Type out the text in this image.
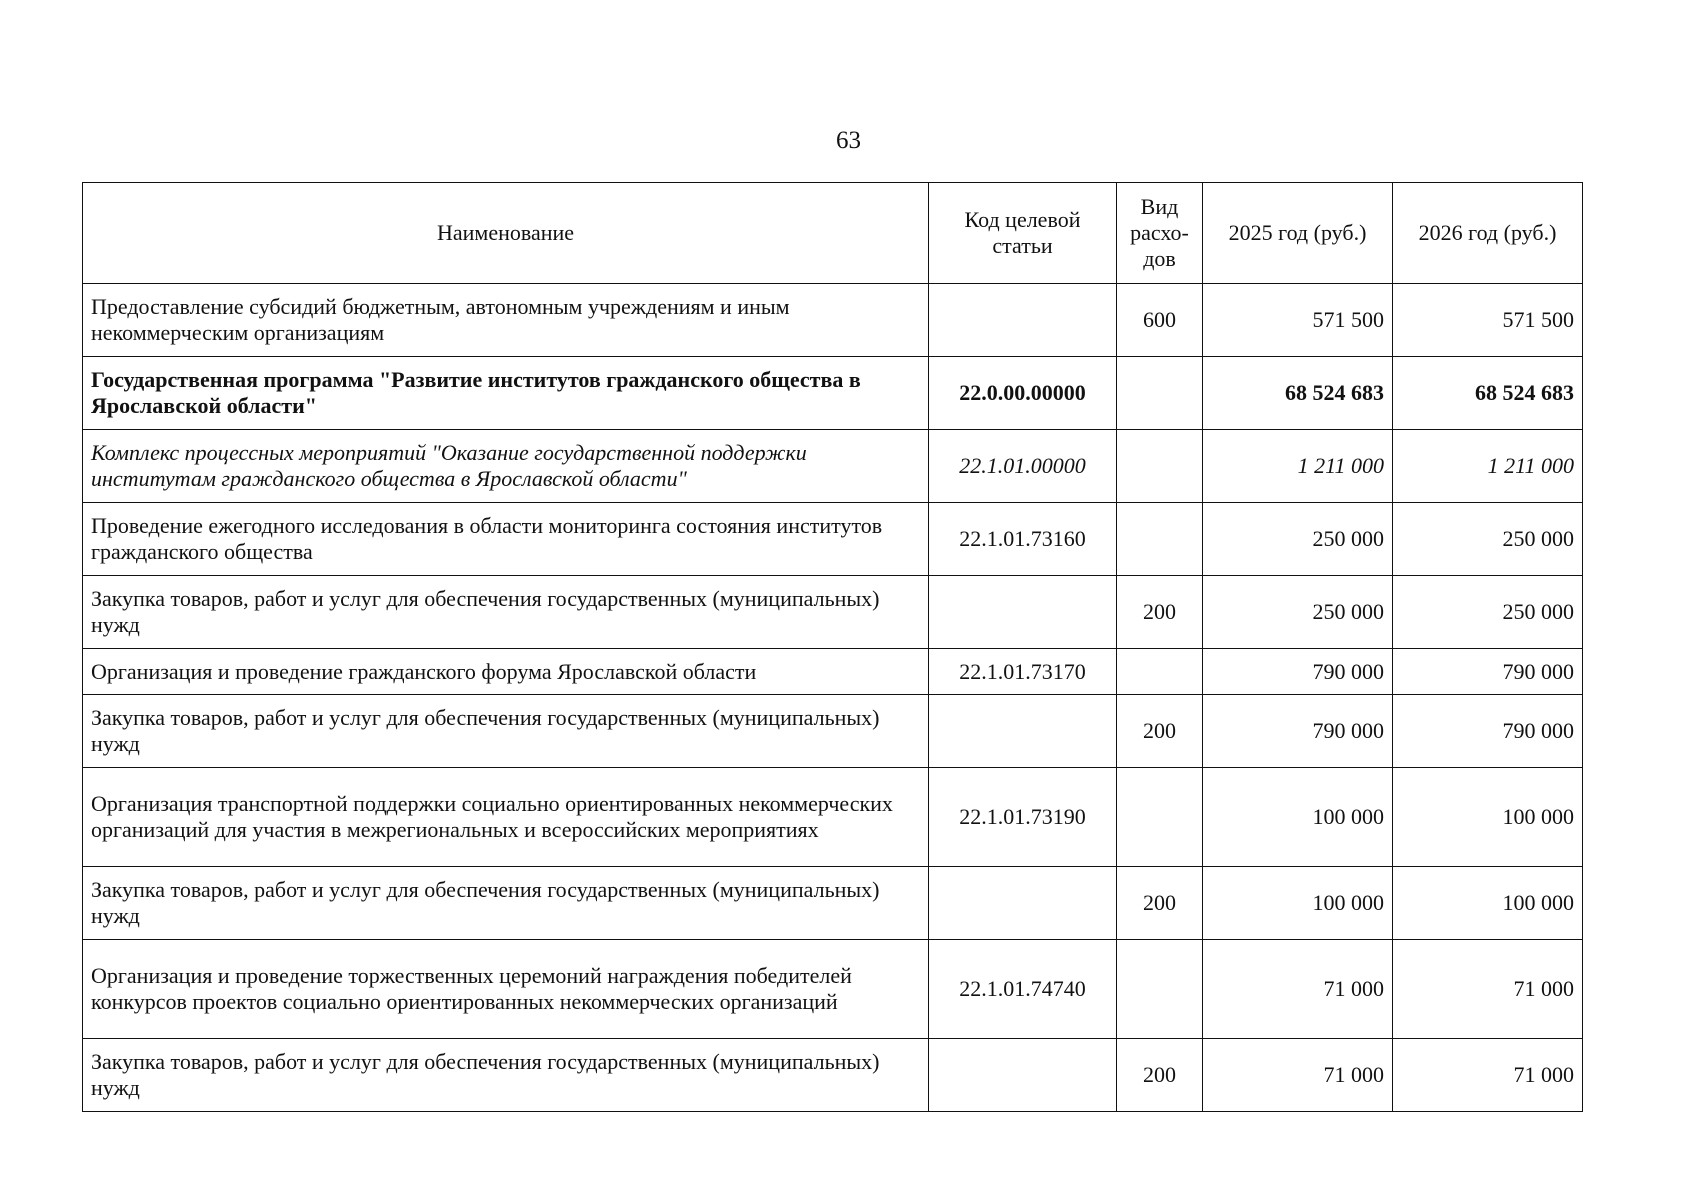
63
Наименование	Код целевой статьи	Вид расхо-дов	2025 год (руб.)	2026 год (руб.)
Предоставление субсидий бюджетным, автономным учреждениям и иным некоммерческим организациям		600	571 500	571 500
Государственная программа "Развитие институтов гражданского общества в Ярославской области"	22.0.00.00000		68 524 683	68 524 683
Комплекс процессных мероприятий "Оказание государственной поддержки институтам гражданского общества в Ярославской области"	22.1.01.00000		1 211 000	1 211 000
Проведение ежегодного исследования в области мониторинга состояния институтов гражданского общества	22.1.01.73160		250 000	250 000
Закупка товаров, работ и услуг для обеспечения государственных (муниципальных) нужд		200	250 000	250 000
Организация и проведение гражданского форума Ярославской области	22.1.01.73170		790 000	790 000
Закупка товаров, работ и услуг для обеспечения государственных (муниципальных) нужд		200	790 000	790 000
Организация транспортной поддержки социально ориентированных некоммерческих организаций для участия в межрегиональных и всероссийских мероприятиях	22.1.01.73190		100 000	100 000
Закупка товаров, работ и услуг для обеспечения государственных (муниципальных) нужд		200	100 000	100 000
Организация и проведение торжественных церемоний награждения победителей конкурсов проектов социально ориентированных некоммерческих организаций	22.1.01.74740		71 000	71 000
Закупка товаров, работ и услуг для обеспечения государственных (муниципальных) нужд		200	71 000	71 000
